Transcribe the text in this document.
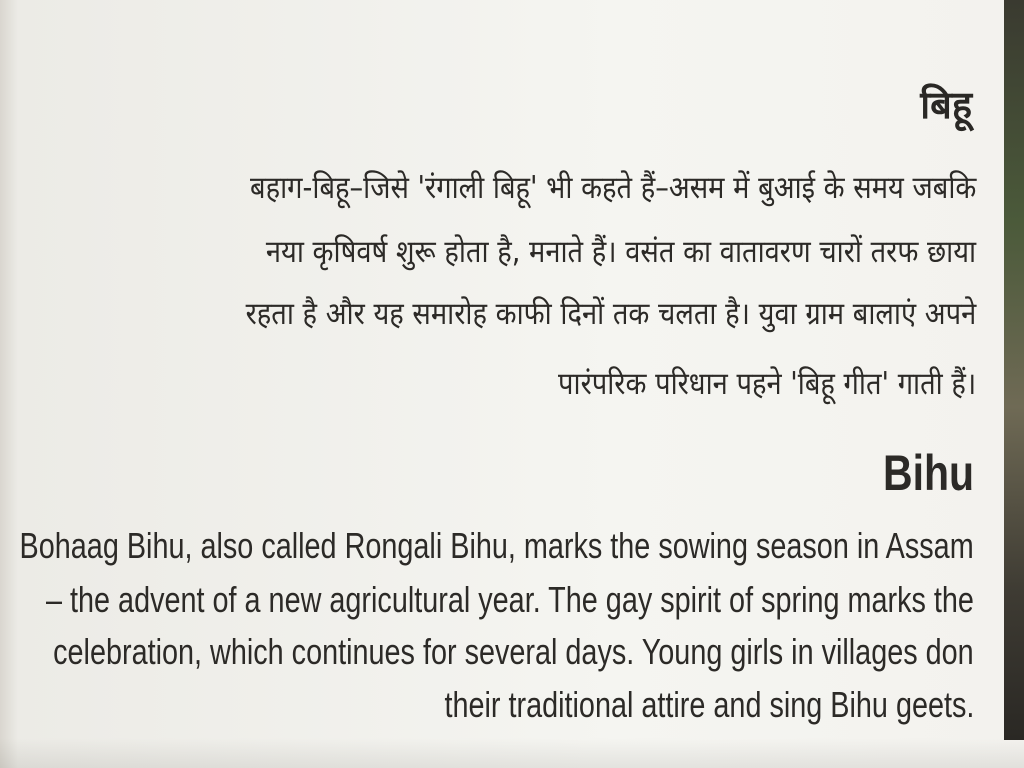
बिहू
बहाग-बिहू–जिसे 'रंगाली बिहू' भी कहते हैं–असम में बुआई के समय जबकि
नया कृषिवर्ष शुरू होता है, मनाते हैं। वसंत का वातावरण चारों तरफ छाया
रहता है और यह समारोह काफी दिनों तक चलता है। युवा ग्राम बालाएं अपने
पारंपरिक परिधान पहने 'बिहू गीत' गाती हैं।
Bihu
Bohaag Bihu, also called Rongali Bihu, marks the sowing season in Assam
– the advent of a new agricultural year. The gay spirit of spring marks the
celebration, which continues for several days. Young girls in villages don
their traditional attire and sing Bihu geets.
